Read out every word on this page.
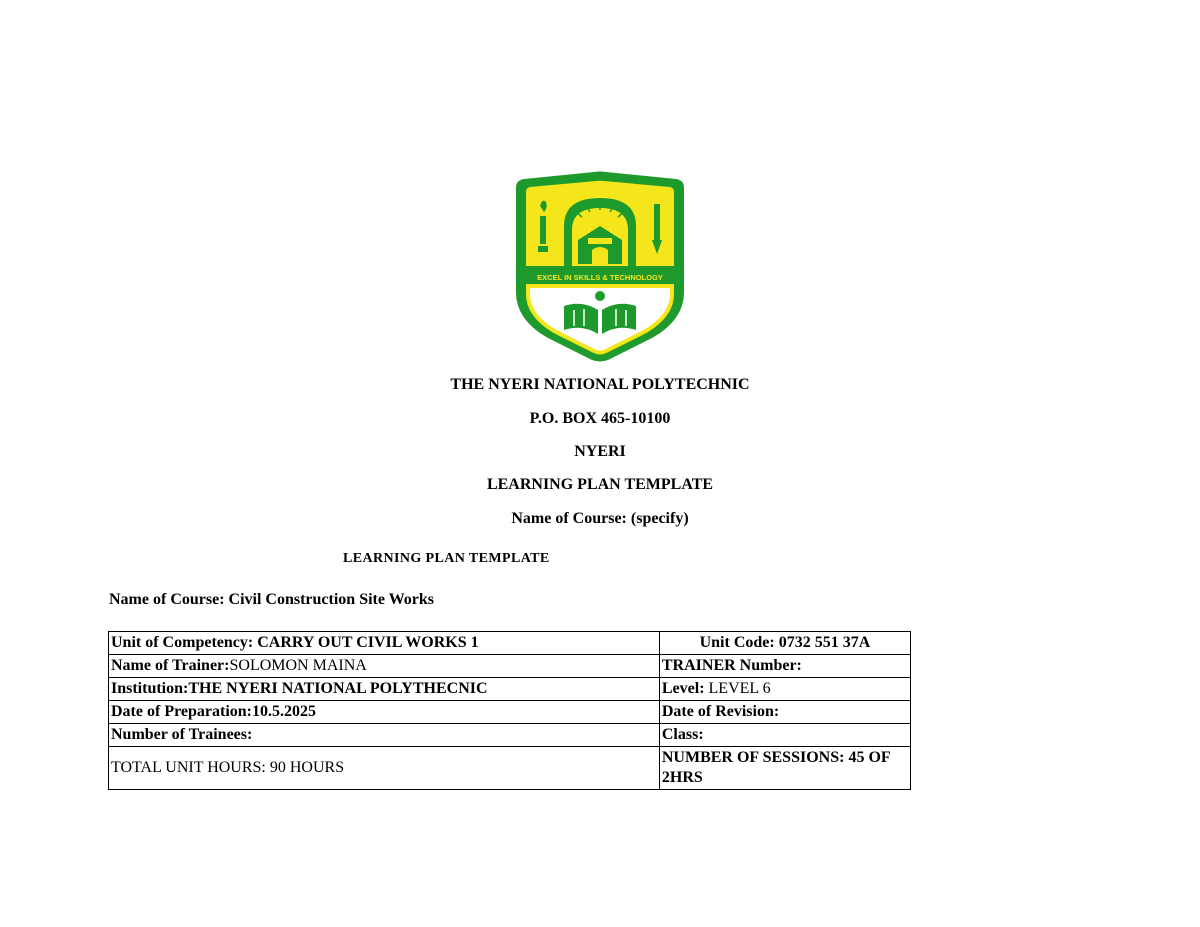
EXCEL IN SKILLS & TECHNOLOGY
THE NYERI NATIONAL POLYTECHNIC
P.O. BOX 465-10100
NYERI
LEARNING PLAN TEMPLATE
Name of Course: (specify)
LEARNING PLAN TEMPLATE
Name of Course: Civil Construction Site Works
Unit of Competency: CARRY OUT CIVIL WORKS 1	Unit Code: 0732 551 37A
Name of Trainer:SOLOMON MAINA	TRAINER Number:
Institution:THE NYERI NATIONAL POLYTHECNIC	Level: LEVEL 6
Date of Preparation:10.5.2025	Date of Revision:
Number of Trainees:	Class:
TOTAL UNIT HOURS: 90 HOURS	NUMBER OF SESSIONS: 45 OF 2HRS
